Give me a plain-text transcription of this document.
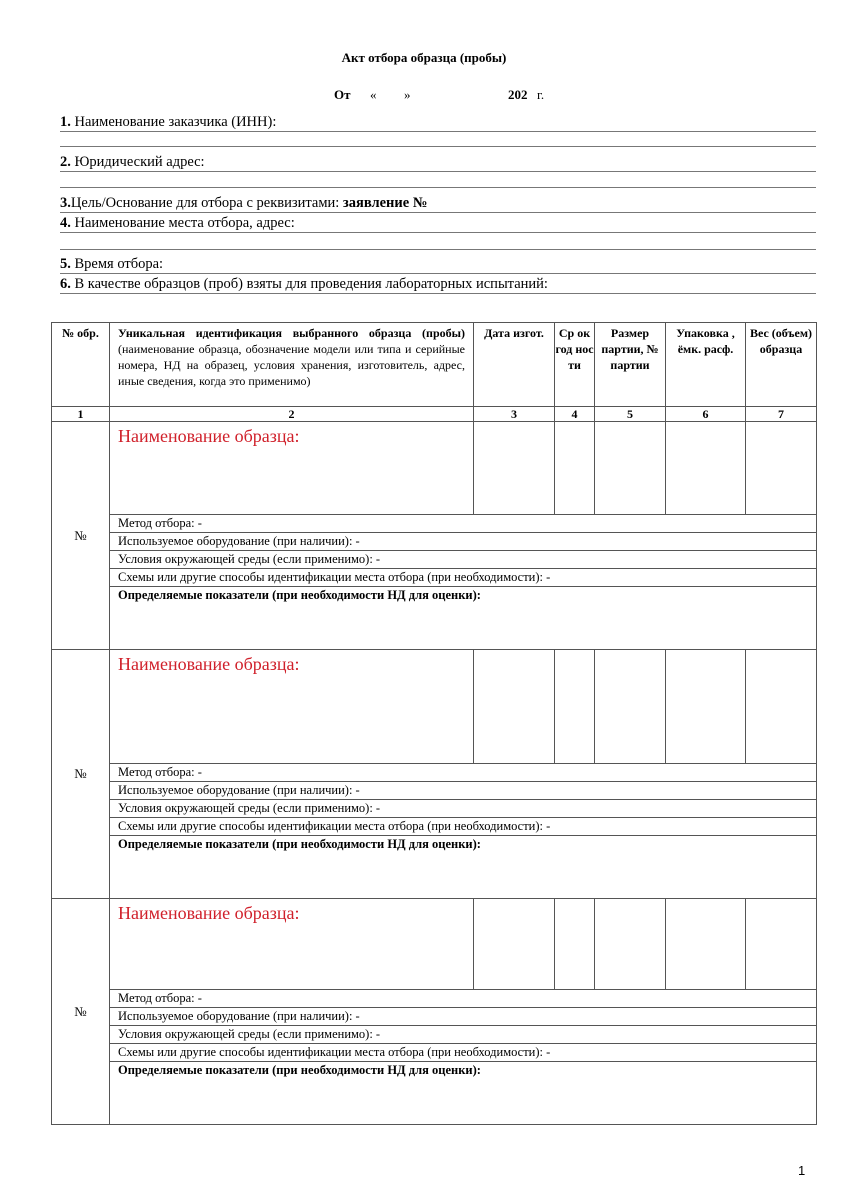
Акт отбора образца (пробы)
От « »	202 г.
1. Наименование заказчика (ИНН):
2. Юридический адрес:
3.Цель/Основание для отбора с реквизитами: заявление №
4. Наименование места отбора, адрес:
5. Время отбора:
6. В качестве образцов (проб) взяты для проведения лабораторных испытаний:
№ обр.	Уникальная идентификация выбранного образца (пробы) (наименование образца, обозначение модели или типа и серийные номера, НД на образец, условия хранения, изготовитель, адрес, иные сведения, когда это применимо)	Дата изгот.	Ср ок год нос ти	Размер партии, № партии	Упаковка , ёмк. расф.	Вес (объем) образца
1	2	3	4	5	6	7
№	Наименование образца:					
	Метод отбора: -					
	Используемое оборудование (при наличии): -					
	Условия окружающей среды (если применимо): -					
	Схемы или другие способы идентификации места отбора (при необходимости): -					
	Определяемые показатели (при необходимости НД для оценки):					
№	Наименование образца:					
	Метод отбора: -					
	Используемое оборудование (при наличии): -					
	Условия окружающей среды (если применимо): -					
	Схемы или другие способы идентификации места отбора (при необходимости): -					
	Определяемые показатели (при необходимости НД для оценки):					
№	Наименование образца:					
	Метод отбора: -					
	Используемое оборудование (при наличии): -					
	Условия окружающей среды (если применимо): -					
	Схемы или другие способы идентификации места отбора (при необходимости): -					
	Определяемые показатели (при необходимости НД для оценки):					
1
